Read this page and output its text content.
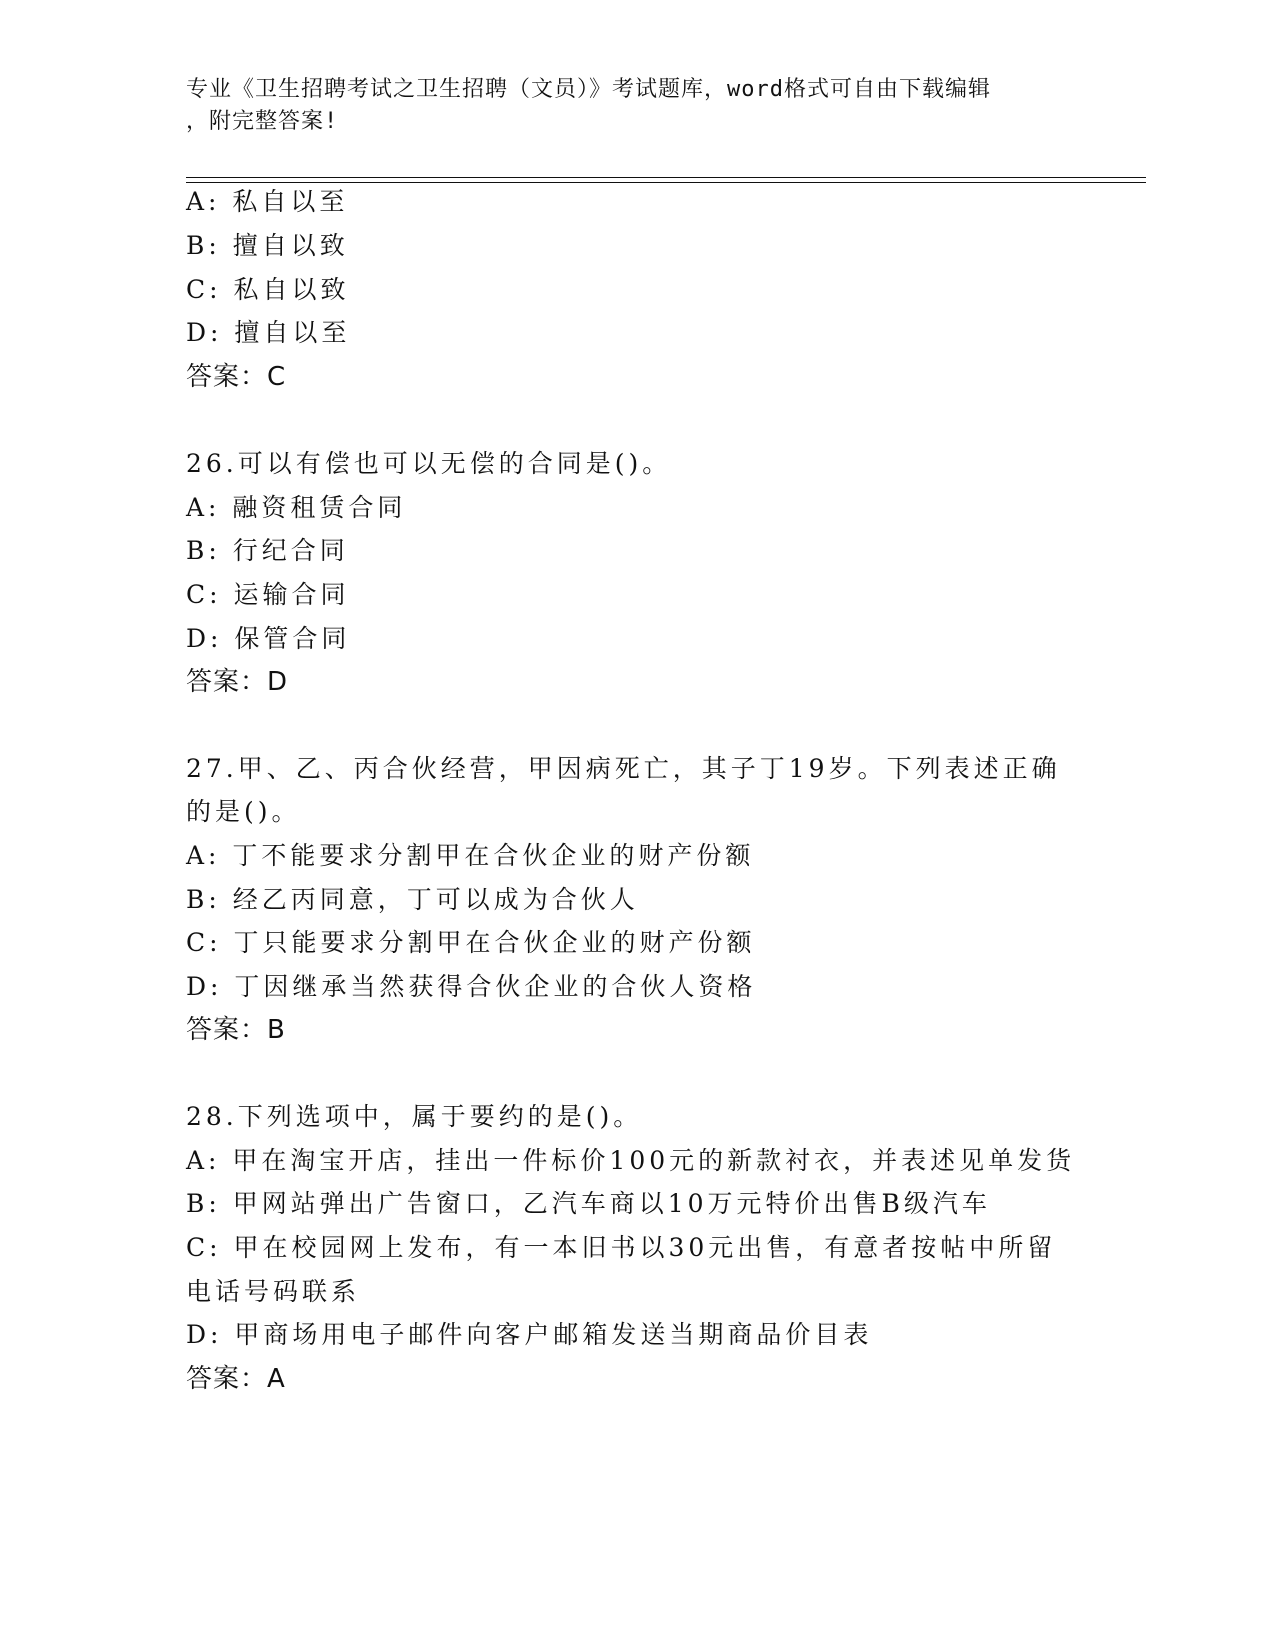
专业《卫生招聘考试之卫生招聘（文员）》考试题库，word格式可自由下载编辑
，附完整答案!
A: 私自以至
B: 擅自以致
C: 私自以致
D: 擅自以至
答案：C
26.可以有偿也可以无偿的合同是()。
A: 融资租赁合同
B: 行纪合同
C: 运输合同
D: 保管合同
答案：D
27.甲、乙、丙合伙经营，甲因病死亡，其子丁19岁。下列表述正确
的是()。
A: 丁不能要求分割甲在合伙企业的财产份额
B: 经乙丙同意，丁可以成为合伙人
C: 丁只能要求分割甲在合伙企业的财产份额
D: 丁因继承当然获得合伙企业的合伙人资格
答案：B
28.下列选项中，属于要约的是()。
A: 甲在淘宝开店，挂出一件标价100元的新款衬衣，并表述见单发货
B: 甲网站弹出广告窗口，乙汽车商以10万元特价出售B级汽车
C: 甲在校园网上发布，有一本旧书以30元出售，有意者按帖中所留
电话号码联系
D: 甲商场用电子邮件向客户邮箱发送当期商品价目表
答案：A
